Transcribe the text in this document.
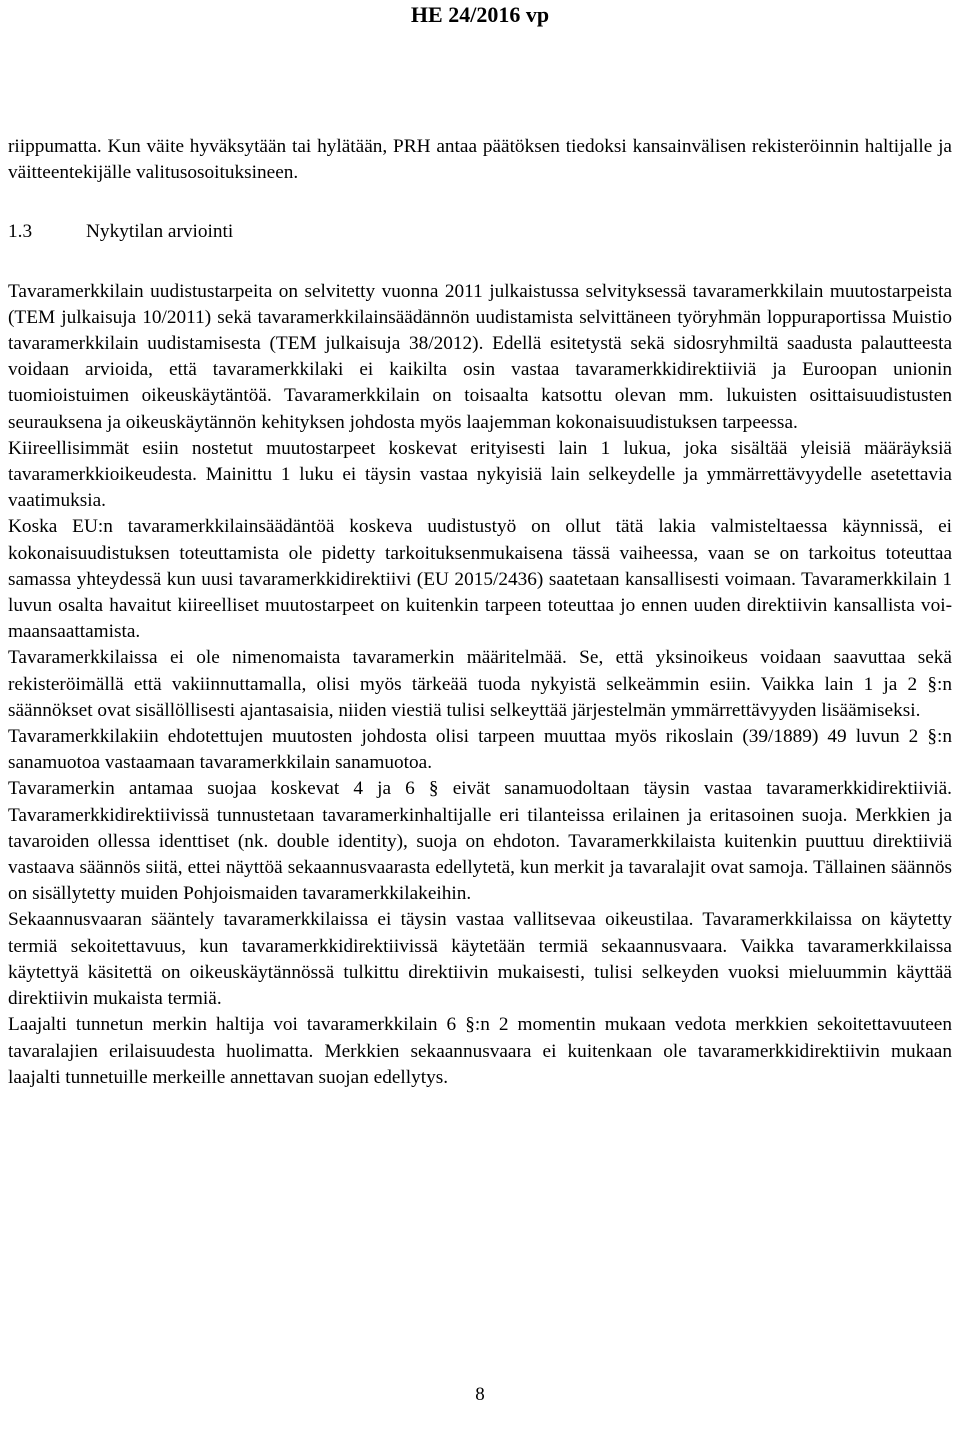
HE 24/2016 vp

riippumatta. Kun väite hyväksytään tai hylätään, PRH antaa päätöksen tiedoksi kansainvälisen rekisteröinnin haltijalle ja väitteentekijälle valitusosoituksineen.

1.3	Nykytilan arviointi

Tavaramerkkilain uudistustarpeita on selvitetty vuonna 2011 julkaistussa selvityksessä tavaramerkkilain muutostarpeista (TEM julkaisuja 10/2011) sekä tavaramerkkilainsäädännön uudistamista selvittäneen työryhmän loppuraportissa Muistio tavaramerkkilain uudistamisesta (TEM julkaisuja 38/2012). Edellä esitetystä sekä sidosryhmiltä saadusta palautteesta voidaan arvioida, että tavaramerkkilaki ei kaikilta osin vastaa tavaramerkkidirektiiviä ja Euroopan unionin tuomioistuimen oikeuskäytäntöä. Tavaramerkkilain on toisaalta katsottu olevan mm. lukuisten osittaisuudistusten seurauksena ja oikeuskäytännön kehityksen johdosta myös laajemman kokonaisuudistuksen tarpeessa.

Kiireellisimmät esiin nostetut muutostarpeet koskevat erityisesti lain 1 lukua, joka sisältää yleisiä määräyksiä tavaramerkkioikeudesta. Mainittu 1 luku ei täysin vastaa nykyisiä lain selkeydelle ja ymmärrettävyydelle asetettavia vaatimuksia.

Koska EU:n tavaramerkkilainsäädäntöä koskeva uudistustyö on ollut tätä lakia valmisteltaessa käynnissä, ei kokonaisuudistuksen toteuttamista ole pidetty tarkoituksenmukaisena tässä vaiheessa, vaan se on tarkoitus toteuttaa samassa yhteydessä kun uusi tavaramerkkidirektiivi (EU 2015/2436) saatetaan kansallisesti voimaan. Tavaramerkkilain 1 luvun osalta havaitut kiireelliset muutostarpeet on kuitenkin tarpeen toteuttaa jo ennen uuden direktiivin kansallista voimaansaattamista.

Tavaramerkkilaissa ei ole nimenomaista tavaramerkin määritelmää. Se, että yksinoikeus voidaan saavuttaa sekä rekisteröimällä että vakiinnuttamalla, olisi myös tärkeää tuoda nykyistä selkeämmin esiin. Vaikka lain 1 ja 2 §:n säännökset ovat sisällöllisesti ajantasaisia, niiden viestiä tulisi selkeyttää järjestelmän ymmärrettävyyden lisäämiseksi.

Tavaramerkkilakiin ehdotettujen muutosten johdosta olisi tarpeen muuttaa myös rikoslain (39/1889) 49 luvun 2 §:n sanamuotoa vastaamaan tavaramerkkilain sanamuotoa.

Tavaramerkin antamaa suojaa koskevat 4 ja 6 § eivät sanamuodoltaan täysin vastaa tavaramerkkidirektiiviä. Tavaramerkkidirektiivissä tunnustetaan tavaramerkinhaltijalle eri tilanteissa erilainen ja eritasoinen suoja. Merkkien ja tavaroiden ollessa identtiset (nk. double identity), suoja on ehdoton. Tavaramerkkilaista kuitenkin puuttuu direktiiviä vastaava säännös siitä, ettei näyttöä sekaannusvaarasta edellytetä, kun merkit ja tavaralajit ovat samoja. Tällainen säännös on sisällytetty muiden Pohjoismaiden tavaramerkkilakeihin.

Sekaannusvaaran sääntely tavaramerkkilaissa ei täysin vastaa vallitsevaa oikeustilaa. Tavaramerkkilaissa on käytetty termiä sekoitettavuus, kun tavaramerkkidirektiivissä käytetään termiä sekaannusvaara. Vaikka tavaramerkkilaissa käytettyä käsitettä on oikeuskäytännössä tulkittu direktiivin mukaisesti, tulisi selkeyden vuoksi mieluummin käyttää direktiivin mukaista termiä.

Laajalti tunnetun merkin haltija voi tavaramerkkilain 6 §:n 2 momentin mukaan vedota merkkien sekoitettavuuteen tavaralajien erilaisuudesta huolimatta. Merkkien sekaannusvaara ei kuitenkaan ole tavaramerkkidirektiivin mukaan laajalti tunnetuille merkeille annettavan suojan edellytys.

8
